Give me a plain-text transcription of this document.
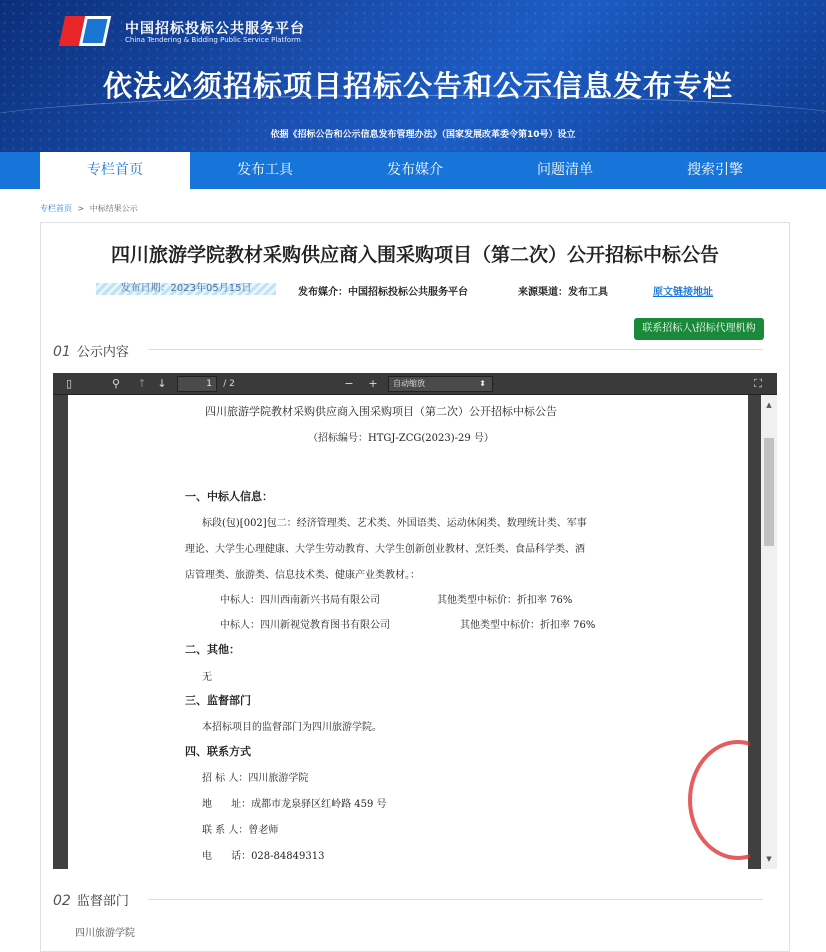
中国招标投标公共服务平台
China Tendering & Bidding Public Service Platform
依法必须招标项目招标公告和公示信息发布专栏
依据《招标公告和公示信息发布管理办法》（国家发展改革委令第10号）设立
专栏首页	发布工具	发布媒介	问题清单	搜索引擎
专栏首页 > 中标结果公示
四川旅游学院教材采购供应商入围采购项目（第二次）公开招标中标公告
发布日期：2023年05月15日	发布媒介：中国招标投标公共服务平台	来源渠道：发布工具	原文链接地址
联系招标人\招标代理机构
01 公示内容
▯	⚲ ↑ ↓	1	/ 2	− +	自动缩放	⬍	⛶
▲
▼
四川旅游学院教材采购供应商入围采购项目（第二次）公开招标中标公告
（招标编号：HTGJ-ZCG(2023)-29 号）
一、中标人信息：
标段(包)[002]包二：经济管理类、艺术类、外国语类、运动休闲类、数理统计类、军事
理论、大学生心理健康、大学生劳动教育、大学生创新创业教材、烹饪类、食品科学类、酒
店管理类、旅游类、信息技术类、健康产业类教材。：
中标人：四川西南新兴书局有限公司	其他类型中标价：折扣率 76%
中标人：四川新视觉教育图书有限公司	其他类型中标价：折扣率 76%
二、其他：
无
三、监督部门
本招标项目的监督部门为四川旅游学院。
四、联系方式
招 标 人：四川旅游学院
地      址：成都市龙泉驿区红岭路 459 号
联 系 人：曾老师
电      话：028-84849313
02 监督部门
四川旅游学院
